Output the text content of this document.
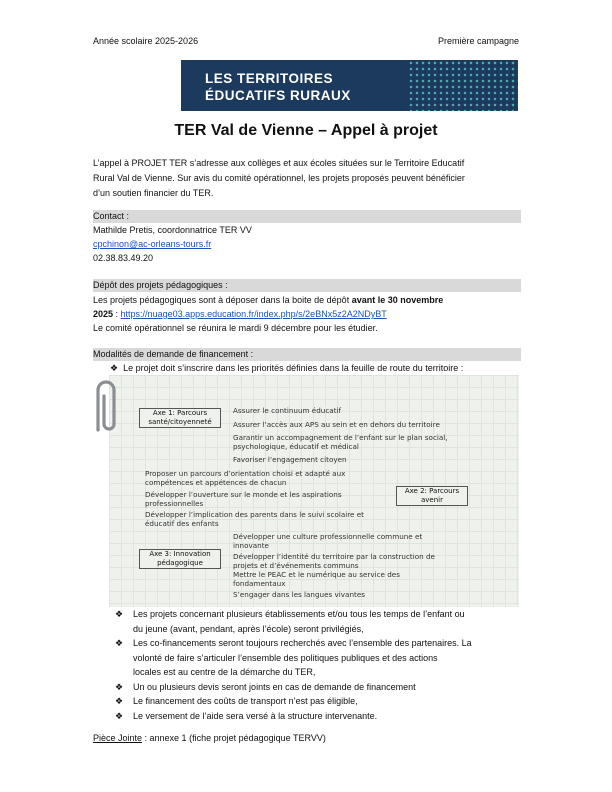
Année scolaire 2025-2026	Première campagne
LES TERRITOIRES
ÉDUCATIFS RURAUX
TER Val de Vienne – Appel à projet
L’appel à PROJET TER s’adresse aux collèges et aux écoles situées sur le Territoire Educatif
Rural Val de Vienne. Sur avis du comité opérationnel, les projets proposés peuvent bénéficier
d’un soutien financier du TER.
Contact :
Mathilde Pretis, coordonnatrice TER VV
cpchinon@ac-orleans-tours.fr
02.38.83.49.20
Dépôt des projets pédagogiques :
Les projets pédagogiques sont à déposer dans la boite de dépôt avant le 30 novembre
2025 : https://nuage03.apps.education.fr/index.php/s/2eBNx5z2A2NDyBT
Le comité opérationnel se réunira le mardi 9 décembre pour les étudier.
Modalités de demande de financement :
❖ Le projet doit s’inscrire dans les priorités définies dans la feuille de route du territoire :
Axe 1: Parcours santé/citoyenneté
Axe 2: Parcours avenir
Axe 3: Innovation pédagogique
Assurer le continuum éducatif
Assurer l’accès aux APS au sein et en dehors du territoire
Garantir un accompagnement de l’enfant sur le plan social,
psychologique, éducatif et médical
Favoriser l’engagement citoyen
Proposer un parcours d’orientation choisi et adapté aux
compétences et appétences de chacun
Développer l’ouverture sur le monde et les aspirations
professionnelles
Développer l’implication des parents dans le suivi scolaire et
éducatif des enfants
Développer une culture professionnelle commune et
innovante
Développer l’identité du territoire par la construction de
projets et d’événements communs
Mettre le PEAC et le numérique au service des
fondamentaux
S’engager dans les langues vivantes
❖ Les projets concernant plusieurs établissements et/ou tous les temps de l’enfant ou
du jeune (avant, pendant, après l’école) seront privilégiés,
❖ Les co-financements seront toujours recherchés avec l’ensemble des partenaires. La
volonté de faire s’articuler l’ensemble des politiques publiques et des actions
locales est au centre de la démarche du TER,
❖ Un ou plusieurs devis seront joints en cas de demande de financement
❖ Le financement des coûts de transport n’est pas éligible,
❖ Le versement de l’aide sera versé à la structure intervenante.
Pièce Jointe : annexe 1 (fiche projet pédagogique TERVV)
